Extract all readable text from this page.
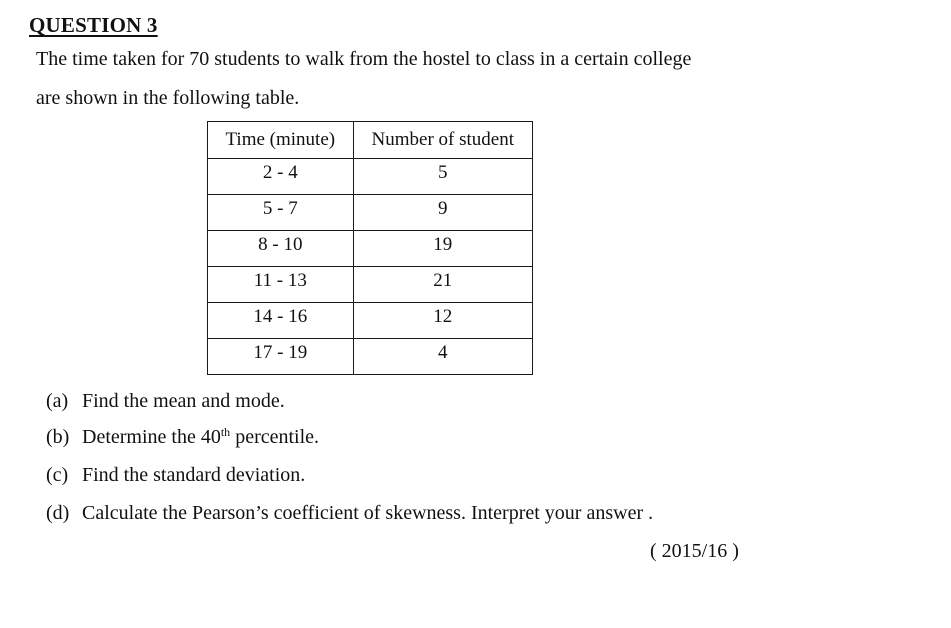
QUESTION 3
The time taken for 70 students to walk from the hostel to class in a certain college
are shown in the following table.
Time (minute)	Number of student
2 - 4	5
5 - 7	9
8 - 10	19
11 - 13	21
14 - 16	12
17 - 19	4
(a) Find the mean and mode.
(b) Determine the 40th percentile.
(c) Find the standard deviation.
(d) Calculate the Pearson’s coefficient of skewness. Interpret your answer .
( 2015/16 )
